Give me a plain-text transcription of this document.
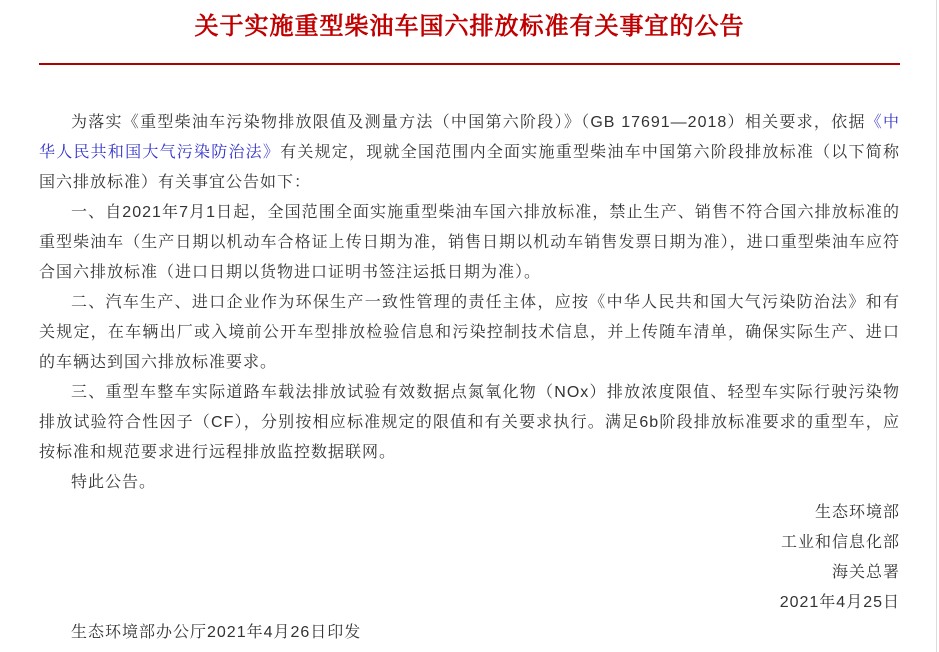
关于实施重型柴油车国六排放标准有关事宜的公告

为落实《重型柴油车污染物排放限值及测量方法（中国第六阶段）》（GB 17691—2018）相关要求，依据《中华人民共和国大气污染防治法》有关规定，现就全国范围内全面实施重型柴油车中国第六阶段排放标准（以下简称国六排放标准）有关事宜公告如下：

一、自2021年7月1日起，全国范围全面实施重型柴油车国六排放标准，禁止生产、销售不符合国六排放标准的重型柴油车（生产日期以机动车合格证上传日期为准，销售日期以机动车销售发票日期为准），进口重型柴油车应符合国六排放标准（进口日期以货物进口证明书签注运抵日期为准）。

二、汽车生产、进口企业作为环保生产一致性管理的责任主体，应按《中华人民共和国大气污染防治法》和有关规定，在车辆出厂或入境前公开车型排放检验信息和污染控制技术信息，并上传随车清单，确保实际生产、进口的车辆达到国六排放标准要求。

三、重型车整车实际道路车载法排放试验有效数据点氮氧化物（NOx）排放浓度限值、轻型车实际行驶污染物排放试验符合性因子（CF），分别按相应标准规定的限值和有关要求执行。满足6b阶段排放标准要求的重型车，应按标准和规范要求进行远程排放监控数据联网。

特此公告。

生态环境部

工业和信息化部

海关总署

2021年4月25日

生态环境部办公厅2021年4月26日印发
